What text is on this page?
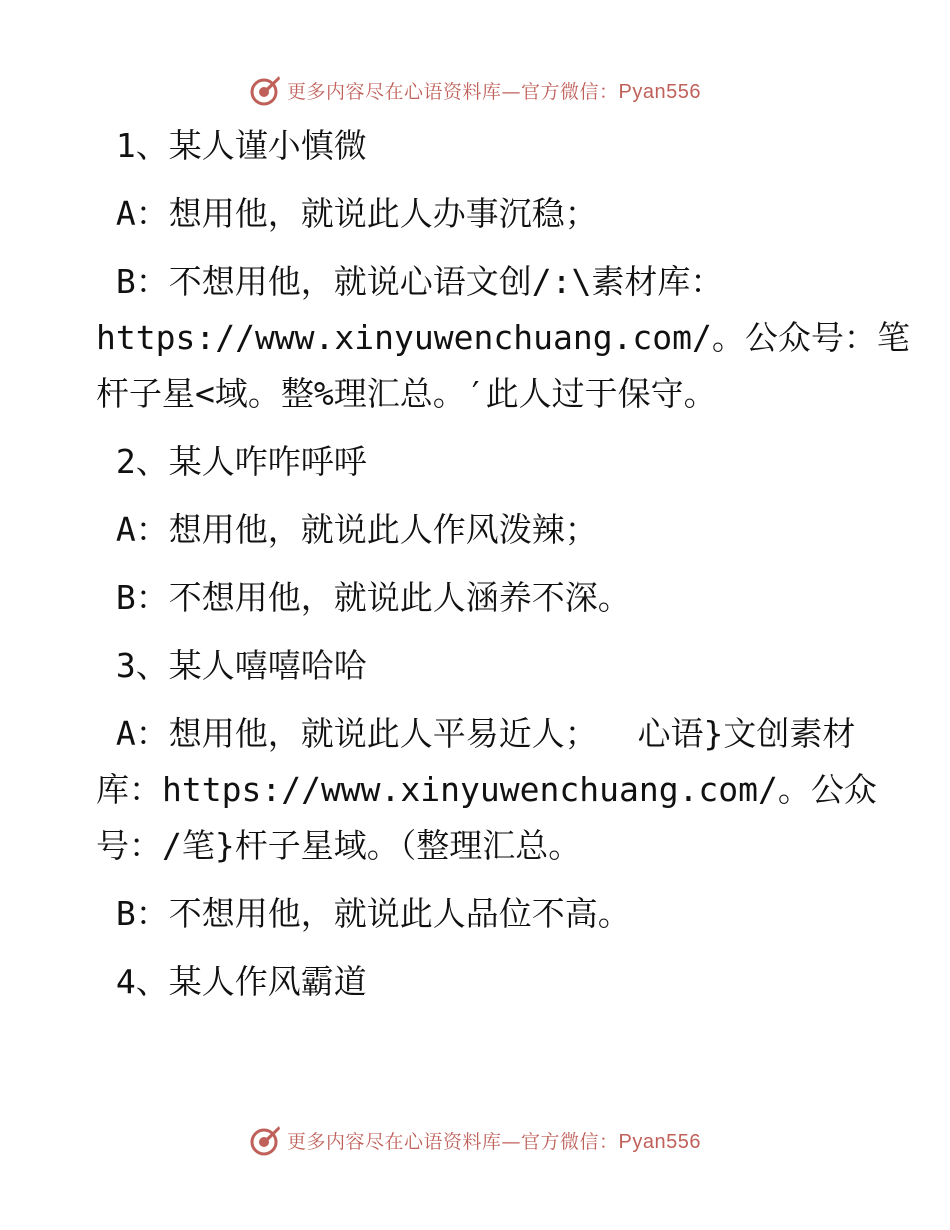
更多内容尽在心语资料库—官方微信：Pyan556
1、某人谨小慎微
A：想用他，就说此人办事沉稳；
B：不想用他，就说心语文创/:\素材库：
https://www.xinyuwenchuang.com/。公众号：笔
杆子星<域。整%理汇总。′此人过于保守。
2、某人咋咋呼呼
A：想用他，就说此人作风泼辣；
B：不想用他，就说此人涵养不深。
3、某人嘻嘻哈哈
A：想用他，就说此人平易近人；  心语}文创素材
库：https://www.xinyuwenchuang.com/。公众
号：/笔}杆子星域。（整理汇总。
B：不想用他，就说此人品位不高。
4、某人作风霸道
更多内容尽在心语资料库—官方微信：Pyan556
